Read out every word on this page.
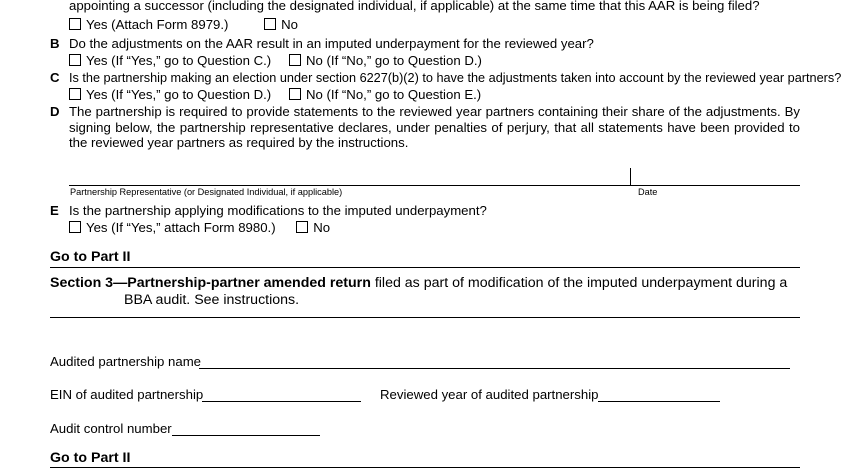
appointing a successor (including the designated individual, if applicable) at the same time that this AAR is being filed?
Yes (Attach Form 8979.)	No
B Do the adjustments on the AAR result in an imputed underpayment for the reviewed year?
Yes (If “Yes,” go to Question C.)	No (If “No,” go to Question D.)
C Is the partnership making an election under section 6227(b)(2) to have the adjustments taken into account by the reviewed year partners?
Yes (If “Yes,” go to Question D.)	No (If “No,” go to Question E.)
D The partnership is required to provide statements to the reviewed year partners containing their share of the adjustments. By signing below, the partnership representative declares, under penalties of perjury, that all statements have been provided to the reviewed year partners as required by the instructions.
Partnership Representative (or Designated Individual, if applicable)	Date
E Is the partnership applying modifications to the imputed underpayment?
Yes (If “Yes,” attach Form 8980.)	No
Go to Part II
Section 3—Partnership-partner amended return filed as part of modification of the imputed underpayment during a
BBA audit. See instructions.
Audited partnership name
EIN of audited partnership	Reviewed year of audited partnership
Audit control number
Go to Part II
